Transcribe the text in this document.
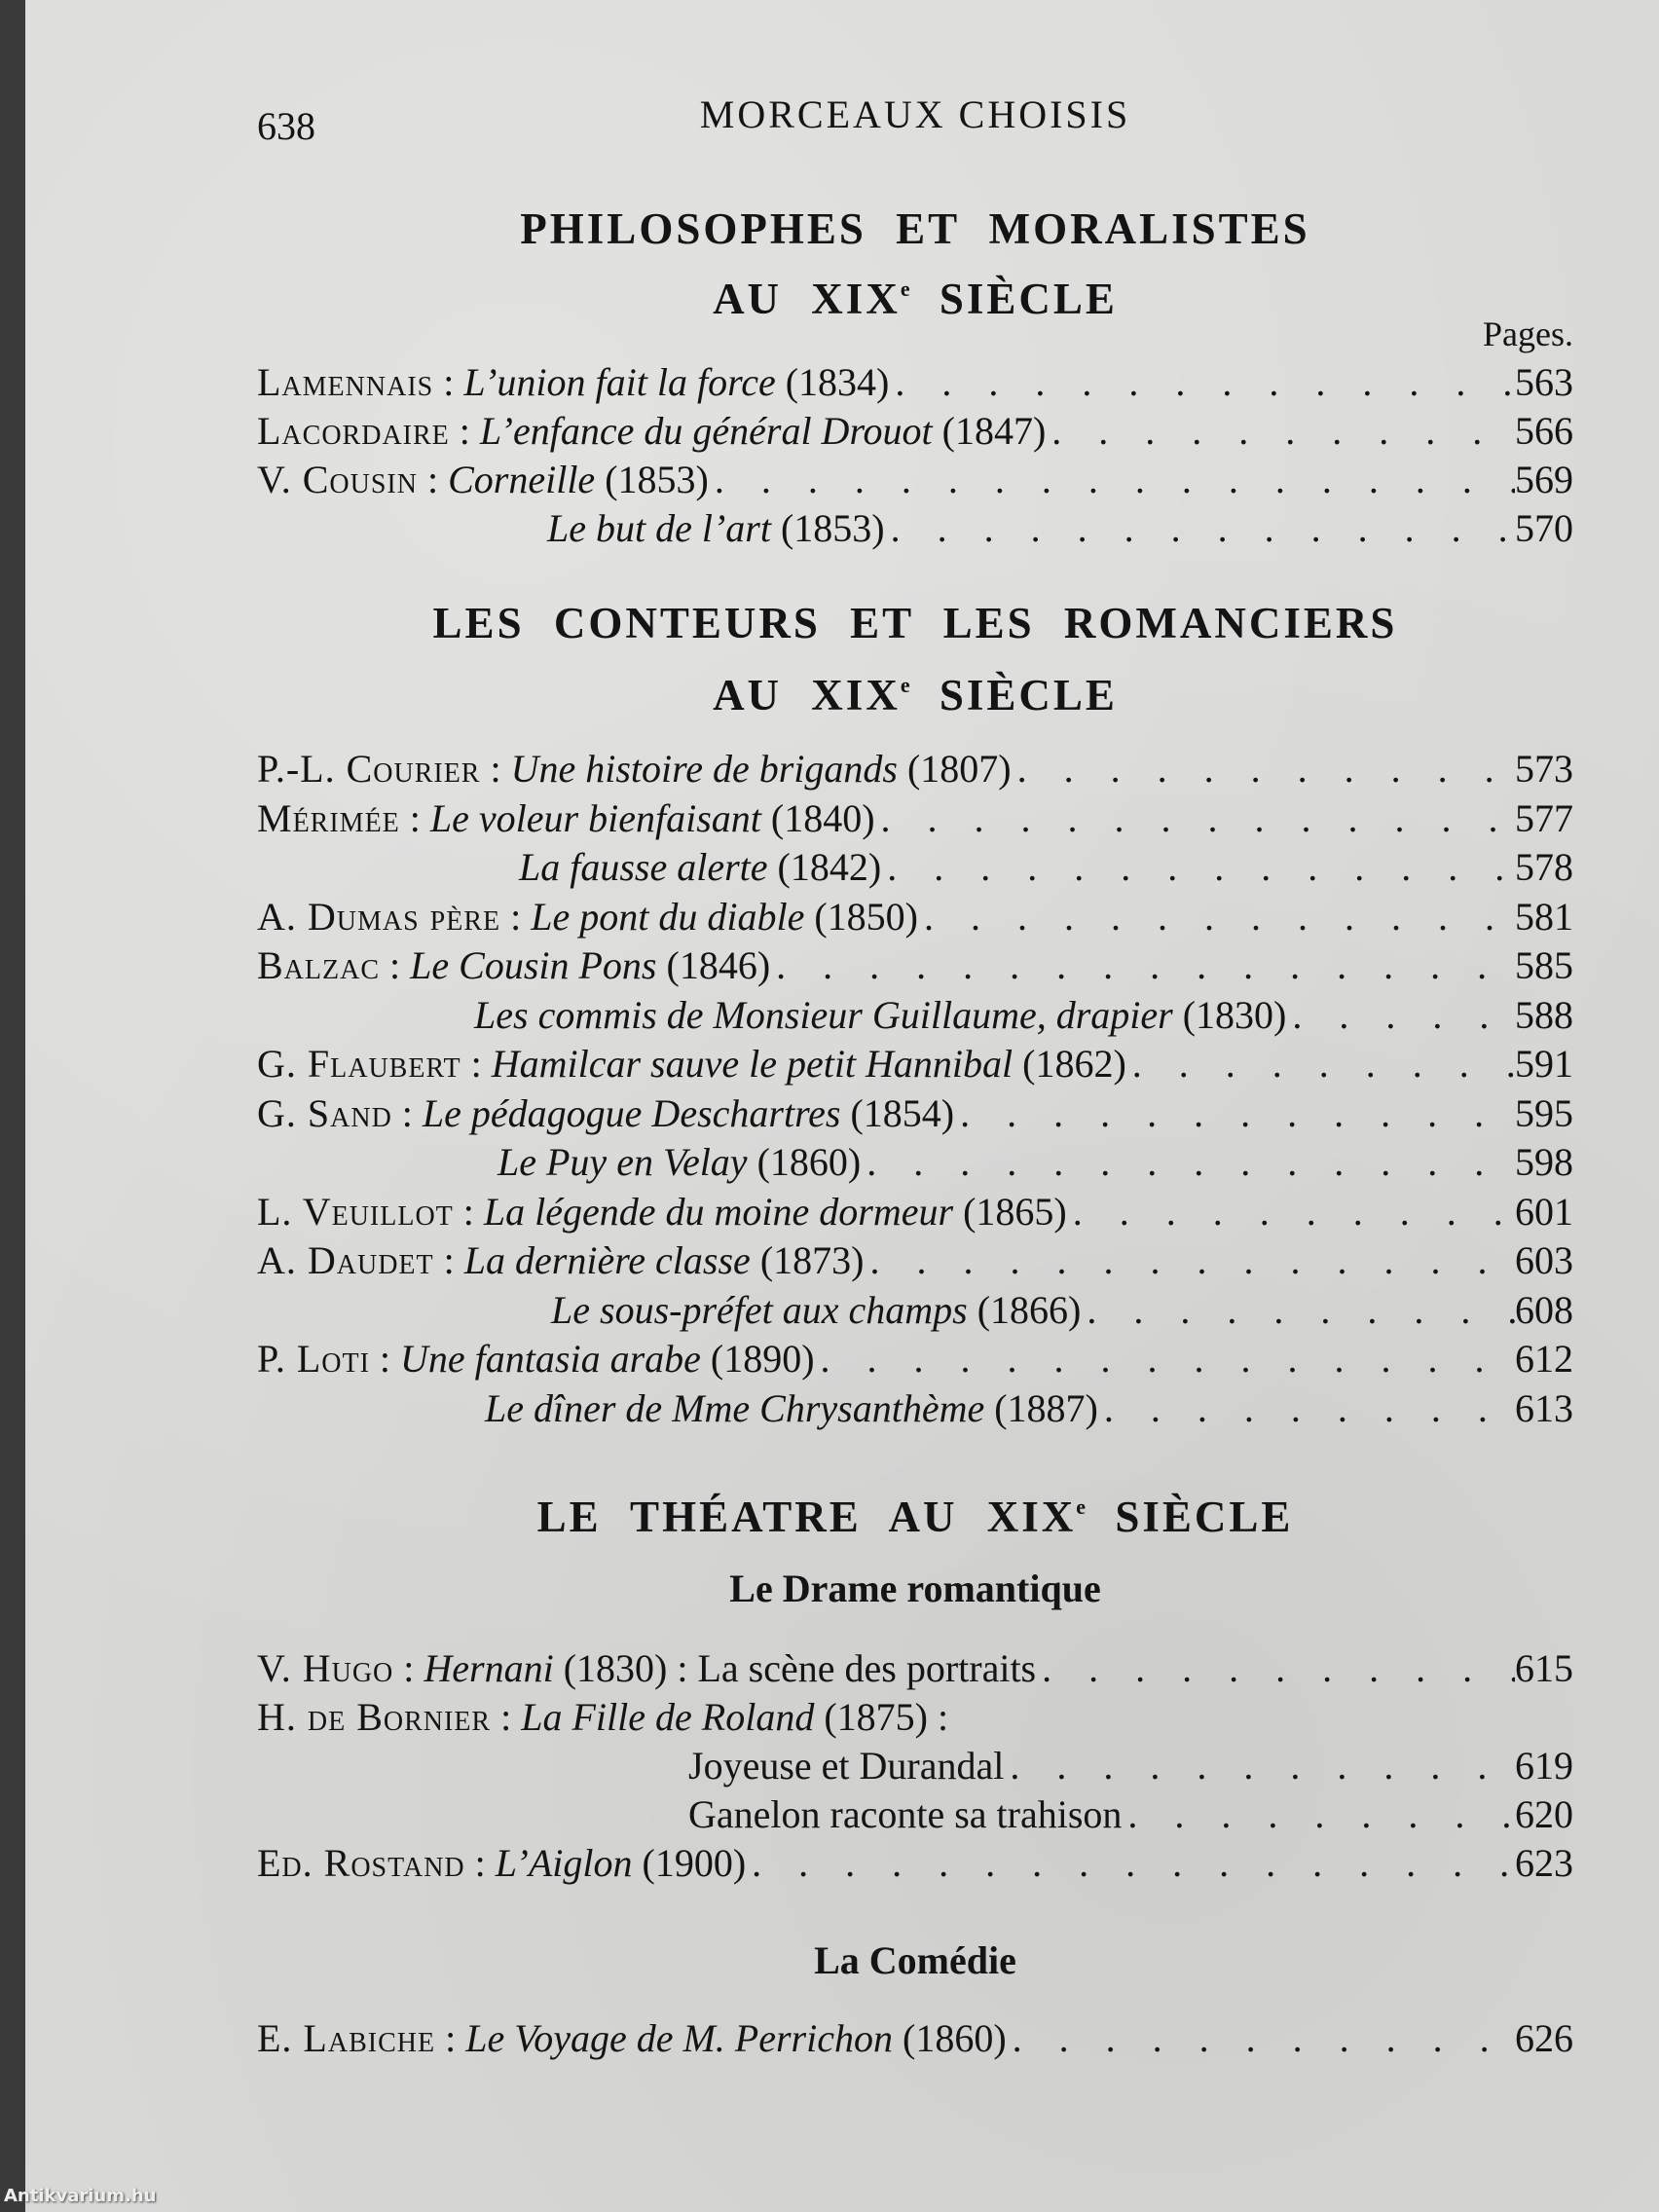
638	MORCEAUX CHOISIS
Pages.
PHILOSOPHES ET MORALISTES
AU XIXe SIÈCLE
Lamennais : L’union fait la force (1834) . . .	563
Lacordaire : L’enfance du général Drouot (1847) . . .	566
V. Cousin : Corneille (1853) . . .	569
Le but de l’art (1853) . . .	570
LES CONTEURS ET LES ROMANCIERS
AU XIXe SIÈCLE
P.-L. Courier : Une histoire de brigands (1807) . . .	573
Mérimée : Le voleur bienfaisant (1840) . . .	577
La fausse alerte (1842) . . .	578
A. Dumas père : Le pont du diable (1850) . . .	581
Balzac : Le Cousin Pons (1846) . . .	585
Les commis de Monsieur Guillaume, drapier (1830) . . .	588
G. Flaubert : Hamilcar sauve le petit Hannibal (1862) . . .	591
G. Sand : Le pédagogue Deschartres (1854) . . .	595
Le Puy en Velay (1860) . . .	598
L. Veuillot : La légende du moine dormeur (1865) . . .	601
A. Daudet : La dernière classe (1873) . . .	603
Le sous-préfet aux champs (1866) . . .	608
P. Loti : Une fantasia arabe (1890) . . .	612
Le dîner de Mme Chrysanthème (1887) . . .	613
LE THÉATRE AU XIXe SIÈCLE
Le Drame romantique
V. Hugo : Hernani (1830) : La scène des portraits . . .	615
H. de Bornier : La Fille de Roland (1875) :
Joyeuse et Durandal . . .	619
Ganelon raconte sa trahison . . .	620
Ed. Rostand : L’Aiglon (1900) . . .	623
La Comédie
E. Labiche : Le Voyage de M. Perrichon (1860) . . .	626
Antikvarium.hu
